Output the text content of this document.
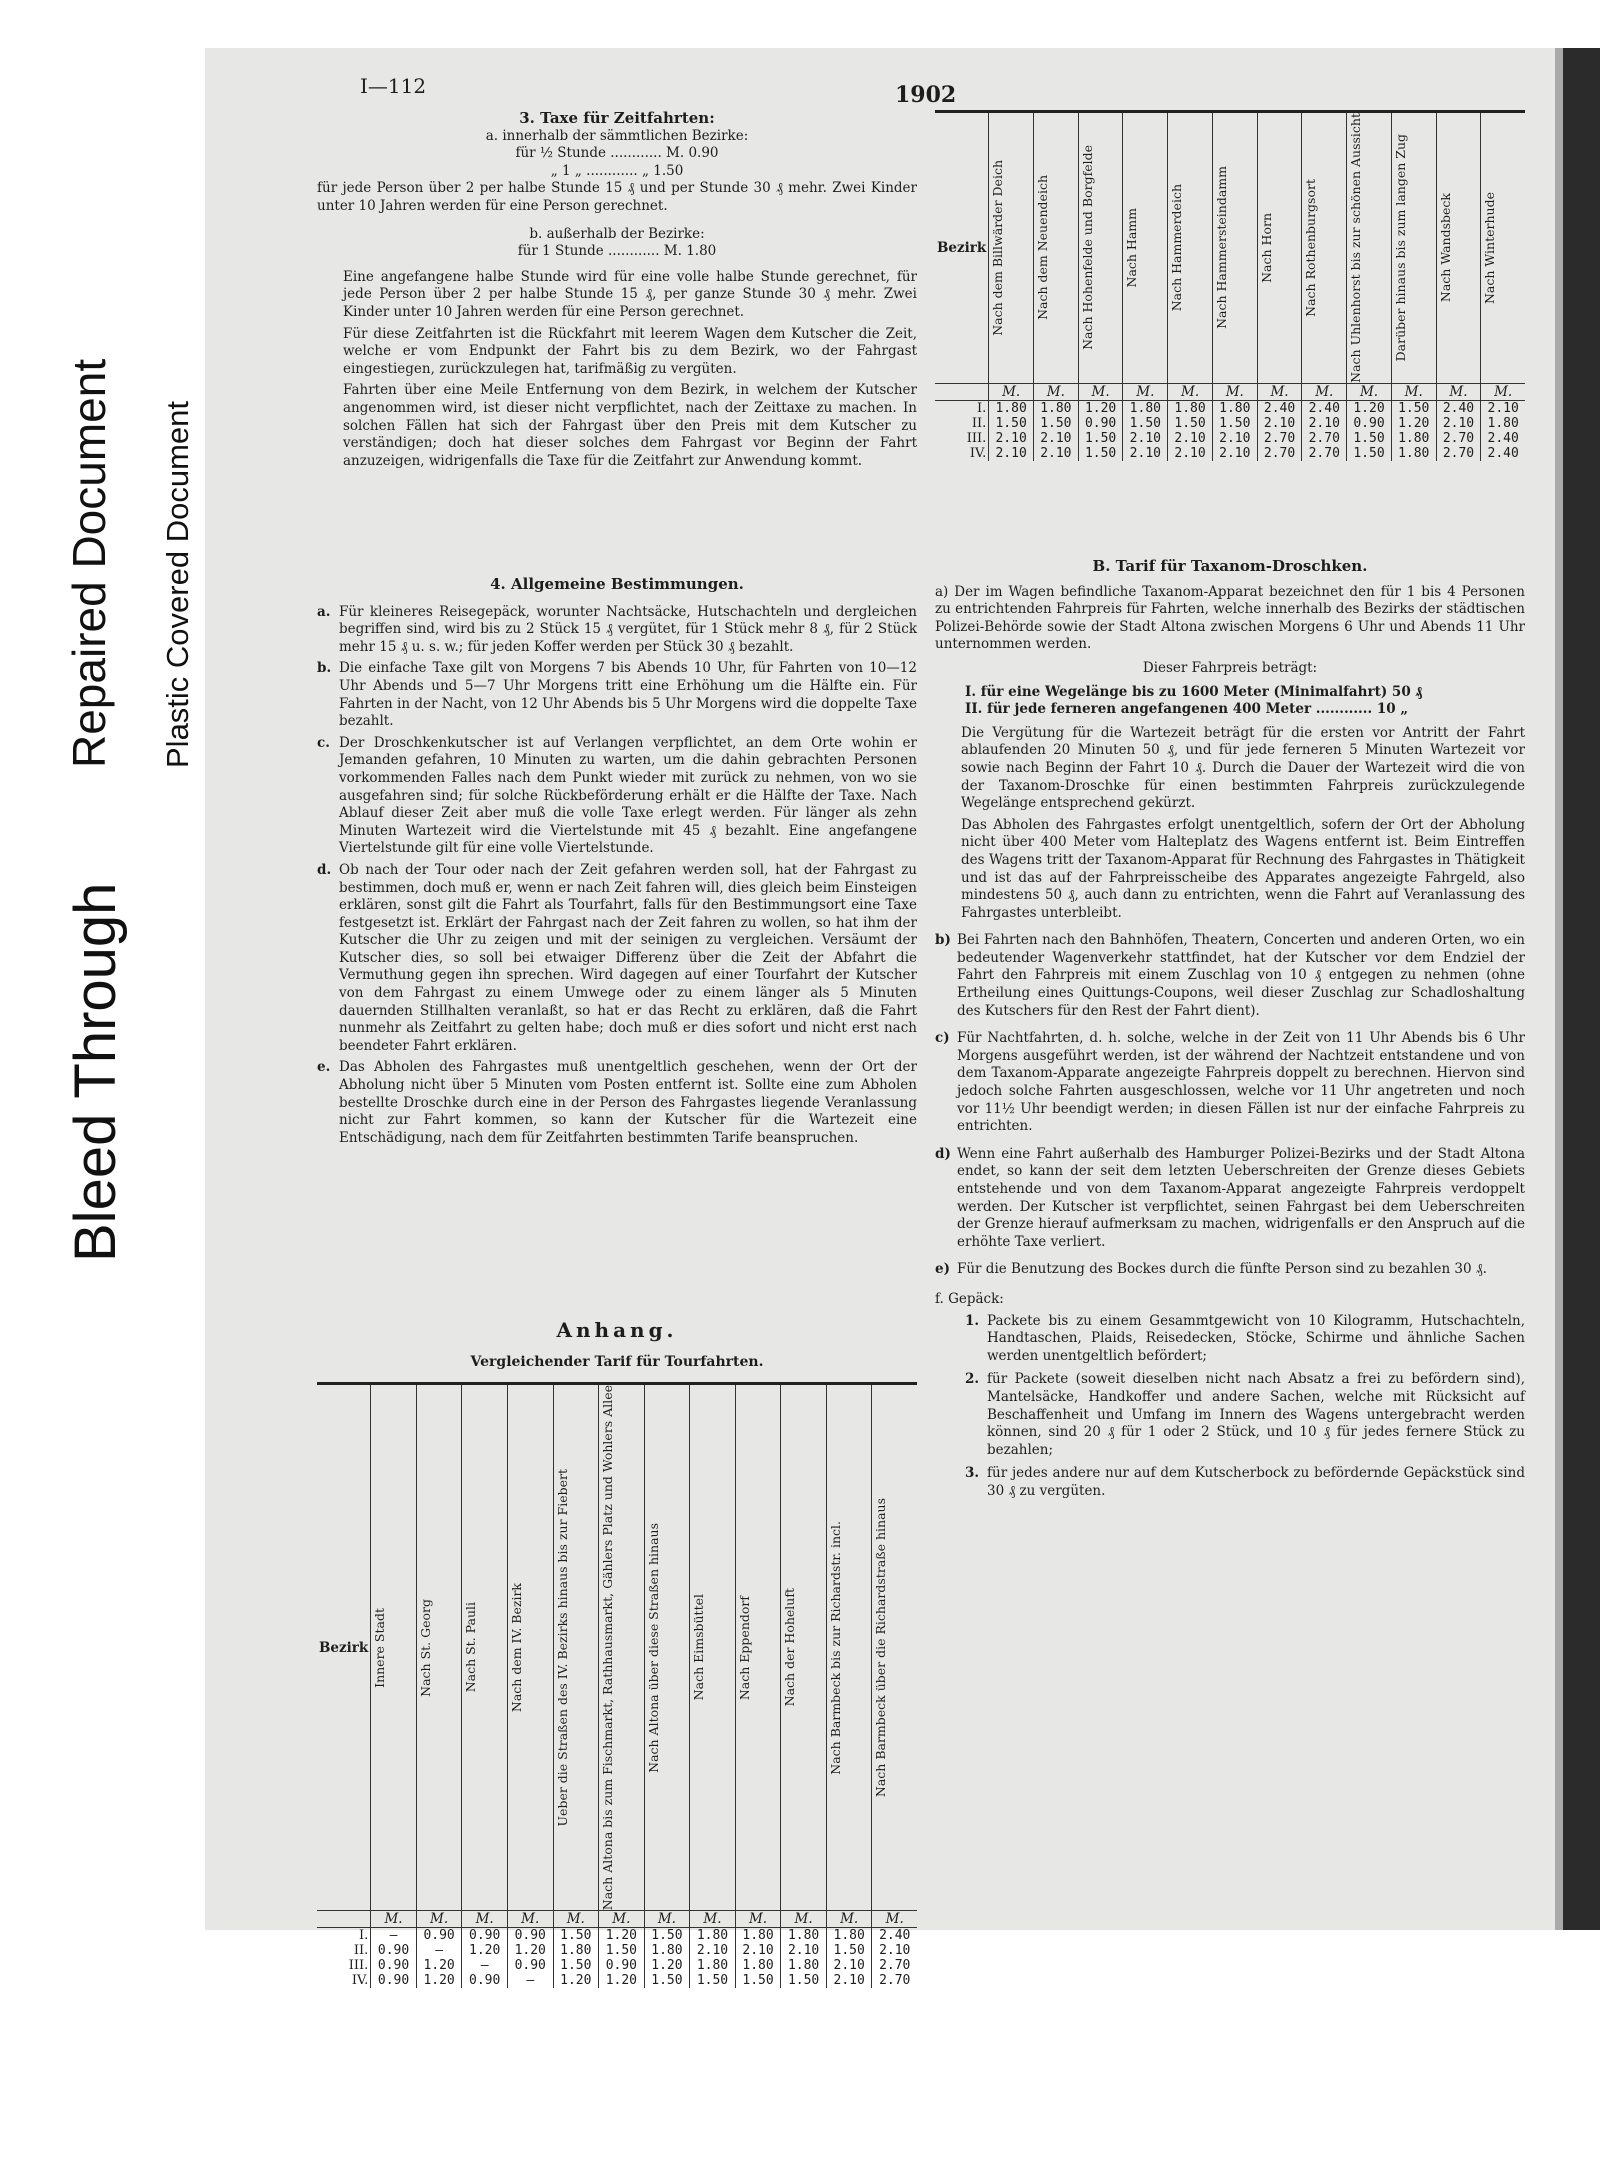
Bleed Through
Repaired Document Plastic Covered Document
I—112	1902
3. Taxe für Zeitfahrten:
a. innerhalb der sämmtlichen Bezirke:
für ½ Stunde ............ M. 0.90
„ 1 „ ............ „ 1.50

für jede Person über 2 per halbe Stunde 15 ₰ und per Stunde 30 ₰ mehr. Zwei Kinder unter 10 Jahren werden für eine Person gerechnet.

b. außerhalb der Bezirke:
für 1 Stunde ............ M. 1.80

Eine angefangene halbe Stunde wird für eine volle halbe Stunde gerechnet, für jede Person über 2 per halbe Stunde 15 ₰, per ganze Stunde 30 ₰ mehr. Zwei Kinder unter 10 Jahren werden für eine Person gerechnet.

Für diese Zeitfahrten ist die Rückfahrt mit leerem Wagen dem Kutscher die Zeit, welche er vom Endpunkt der Fahrt bis zu dem Bezirk, wo der Fahrgast eingestiegen, zurückzulegen hat, tarifmäßig zu vergüten.

Fahrten über eine Meile Entfernung von dem Bezirk, in welchem der Kutscher angenommen wird, ist dieser nicht verpflichtet, nach der Zeittaxe zu machen. In solchen Fällen hat sich der Fahrgast über den Preis mit dem Kutscher zu verständigen; doch hat dieser solches dem Fahrgast vor Beginn der Fahrt anzuzeigen, widrigenfalls die Taxe für die Zeitfahrt zur Anwendung kommt.

4. Allgemeine Bestimmungen.
a. Für kleineres Reisegepäck, worunter Nachtsäcke, Hutschachteln und dergleichen begriffen sind, wird bis zu 2 Stück 15 ₰ vergütet, für 1 Stück mehr 8 ₰, für 2 Stück mehr 15 ₰ u. s. w.; für jeden Koffer werden per Stück 30 ₰ bezahlt.
b. Die einfache Taxe gilt von Morgens 7 bis Abends 10 Uhr, für Fahrten von 10—12 Uhr Abends und 5—7 Uhr Morgens tritt eine Erhöhung um die Hälfte ein. Für Fahrten in der Nacht, von 12 Uhr Abends bis 5 Uhr Morgens wird die doppelte Taxe bezahlt.
c. Der Droschkenkutscher ist auf Verlangen verpflichtet, an dem Orte wohin er Jemanden gefahren, 10 Minuten zu warten, um die dahin gebrachten Personen vorkommenden Falles nach dem Punkt wieder mit zurück zu nehmen, von wo sie ausgefahren sind; für solche Rückbeförderung erhält er die Hälfte der Taxe. Nach Ablauf dieser Zeit aber muß die volle Taxe erlegt werden. Für länger als zehn Minuten Wartezeit wird die Viertelstunde mit 45 ₰ bezahlt. Eine angefangene Viertelstunde gilt für eine volle Viertelstunde.
d. Ob nach der Tour oder nach der Zeit gefahren werden soll, hat der Fahrgast zu bestimmen, doch muß er, wenn er nach Zeit fahren will, dies gleich beim Einsteigen erklären, sonst gilt die Fahrt als Tourfahrt, falls für den Bestimmungsort eine Taxe festgesetzt ist. Erklärt der Fahrgast nach der Zeit fahren zu wollen, so hat ihm der Kutscher die Uhr zu zeigen und mit der seinigen zu vergleichen. Versäumt der Kutscher dies, so soll bei etwaiger Differenz über die Zeit der Abfahrt die Vermuthung gegen ihn sprechen. Wird dagegen auf einer Tourfahrt der Kutscher von dem Fahrgast zu einem Umwege oder zu einem länger als 5 Minuten dauernden Stillhalten veranlaßt, so hat er das Recht zu erklären, daß die Fahrt nunmehr als Zeitfahrt zu gelten habe; doch muß er dies sofort und nicht erst nach beendeter Fahrt erklären.
e. Das Abholen des Fahrgastes muß unentgeltlich geschehen, wenn der Ort der Abholung nicht über 5 Minuten vom Posten entfernt ist. Sollte eine zum Abholen bestellte Droschke durch eine in der Person des Fahrgastes liegende Veranlassung nicht zur Fahrt kommen, so kann der Kutscher für die Wartezeit eine Entschädigung, nach dem für Zeitfahrten bestimmten Tarife beanspruchen.
Anhang.
Vergleichender Tarif für Tourfahrten.
Bezirk	Innere Stadt	Nach St. Georg	Nach St. Pauli	Nach dem IV. Bezirk	Ueber die Straßen des IV. Bezirks hinaus bis zur Fiebert	Nach Altona bis zum Fischmarkt, Rathhausmarkt, Gählers Platz und Wohlers Allee	Nach Altona über diese Straßen hinaus	Nach Eimsbüttel	Nach Eppendorf	Nach der Hoheluft	Nach Barmbeck bis zur Richardstr. incl.	Nach Barmbeck über die Richardstraße hinaus

	M.	M.	M.	M.	M.	M.	M.	M.	M.	M.	M.	M.
I.	—	0.90	0.90	0.90	1.50	1.20	1.50	1.80	1.80	1.80	1.80	2.40
II.	0.90	—	1.20	1.20	1.80	1.50	1.80	2.10	2.10	2.10	1.50	2.10
III.	0.90	1.20	—	0.90	1.50	0.90	1.20	1.80	1.80	1.80	2.10	2.70
IV.	0.90	1.20	0.90	—	1.20	1.20	1.50	1.50	1.50	1.50	2.10	2.70
Bezirk	Nach dem Billwärder Deich	Nach dem Neuendeich	Nach Hohenfelde und Borgfelde	Nach Hamm	Nach Hammerdeich	Nach Hammersteindamm	Nach Horn	Nach Rothenburgsort	Nach Uhlenhorst bis zur schönen Aussicht	Darüber hinaus bis zum langen Zug	Nach Wandsbeck	Nach Winterhude

	M.	M.	M.	M.	M.	M.	M.	M.	M.	M.	M.	M.
I.	1.80	1.80	1.20	1.80	1.80	1.80	2.40	2.40	1.20	1.50	2.40	2.10
II.	1.50	1.50	0.90	1.50	1.50	1.50	2.10	2.10	0.90	1.20	2.10	1.80
III.	2.10	2.10	1.50	2.10	2.10	2.10	2.70	2.70	1.50	1.80	2.70	2.40
IV.	2.10	2.10	1.50	2.10	2.10	2.10	2.70	2.70	1.50	1.80	2.70	2.40
B. Tarif für Taxanom-Droschken.

a) Der im Wagen befindliche Taxanom-Apparat bezeichnet den für 1 bis 4 Personen zu entrichtenden Fahrpreis für Fahrten, welche innerhalb des Bezirks der städtischen Polizei-Behörde sowie der Stadt Altona zwischen Morgens 6 Uhr und Abends 11 Uhr unternommen werden.

Dieser Fahrpreis beträgt:
I. für eine Wegelänge bis zu 1600 Meter (Minimalfahrt) 50 ₰
II. für jede ferneren angefangenen 400 Meter ............ 10 „

Die Vergütung für die Wartezeit beträgt für die ersten vor Antritt der Fahrt ablaufenden 20 Minuten 50 ₰, und für jede ferneren 5 Minuten Wartezeit vor sowie nach Beginn der Fahrt 10 ₰. Durch die Dauer der Wartezeit wird die von der Taxanom-Droschke für einen bestimmten Fahrpreis zurückzulegende Wegelänge entsprechend gekürzt.

Das Abholen des Fahrgastes erfolgt unentgeltlich, sofern der Ort der Abholung nicht über 400 Meter vom Halteplatz des Wagens entfernt ist. Beim Eintreffen des Wagens tritt der Taxanom-Apparat für Rechnung des Fahrgastes in Thätigkeit und ist das auf der Fahrpreisscheibe des Apparates angezeigte Fahrgeld, also mindestens 50 ₰, auch dann zu entrichten, wenn die Fahrt auf Veranlassung des Fahrgastes unterbleibt.

b) Bei Fahrten nach den Bahnhöfen, Theatern, Concerten und anderen Orten, wo ein bedeutender Wagenverkehr stattfindet, hat der Kutscher vor dem Endziel der Fahrt den Fahrpreis mit einem Zuschlag von 10 ₰ entgegen zu nehmen (ohne Ertheilung eines Quittungs-Coupons, weil dieser Zuschlag zur Schadloshaltung des Kutschers für den Rest der Fahrt dient).
c) Für Nachtfahrten, d. h. solche, welche in der Zeit von 11 Uhr Abends bis 6 Uhr Morgens ausgeführt werden, ist der während der Nachtzeit entstandene und von dem Taxanom-Apparate angezeigte Fahrpreis doppelt zu berechnen. Hiervon sind jedoch solche Fahrten ausgeschlossen, welche vor 11 Uhr angetreten und noch vor 11½ Uhr beendigt werden; in diesen Fällen ist nur der einfache Fahrpreis zu entrichten.
d) Wenn eine Fahrt außerhalb des Hamburger Polizei-Bezirks und der Stadt Altona endet, so kann der seit dem letzten Ueberschreiten der Grenze dieses Gebiets entstehende und von dem Taxanom-Apparat angezeigte Fahrpreis verdoppelt werden. Der Kutscher ist verpflichtet, seinen Fahrgast bei dem Ueberschreiten der Grenze hierauf aufmerksam zu machen, widrigenfalls er den Anspruch auf die erhöhte Taxe verliert.
e) Für die Benutzung des Bockes durch die fünfte Person sind zu bezahlen 30 ₰.
f. Gepäck:
1. Packete bis zu einem Gesammtgewicht von 10 Kilogramm, Hutschachteln, Handtaschen, Plaids, Reisedecken, Stöcke, Schirme und ähnliche Sachen werden unentgeltlich befördert;
2. für Packete (soweit dieselben nicht nach Absatz a frei zu befördern sind), Mantelsäcke, Handkoffer und andere Sachen, welche mit Rücksicht auf Beschaffenheit und Umfang im Innern des Wagens untergebracht werden können, sind 20 ₰ für 1 oder 2 Stück, und 10 ₰ für jedes fernere Stück zu bezahlen;
3. für jedes andere nur auf dem Kutscherbock zu befördernde Gepäckstück sind 30 ₰ zu vergüten.
